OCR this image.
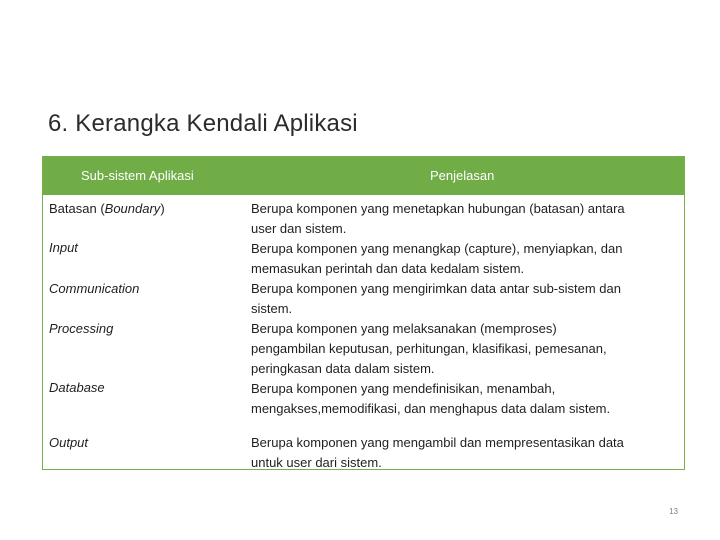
6. Kerangka Kendali Aplikasi
Sub-sistem Aplikasi	Penjelasan
Batasan (Boundary)
Input
Communication
Processing
Database
Output
Berupa komponen yang menetapkan hubungan (batasan) antara
user dan sistem.
Berupa komponen yang menangkap (capture), menyiapkan, dan
memasukan perintah dan data kedalam sistem.
Berupa komponen yang mengirimkan data antar sub-sistem dan
sistem.
Berupa komponen yang melaksanakan (memproses)
pengambilan keputusan, perhitungan, klasifikasi, pemesanan,
peringkasan data dalam sistem.
Berupa komponen yang mendefinisikan, menambah,
mengakses,memodifikasi, dan menghapus data dalam sistem.
Berupa komponen yang mengambil dan mempresentasikan data
untuk user dari sistem.
13
